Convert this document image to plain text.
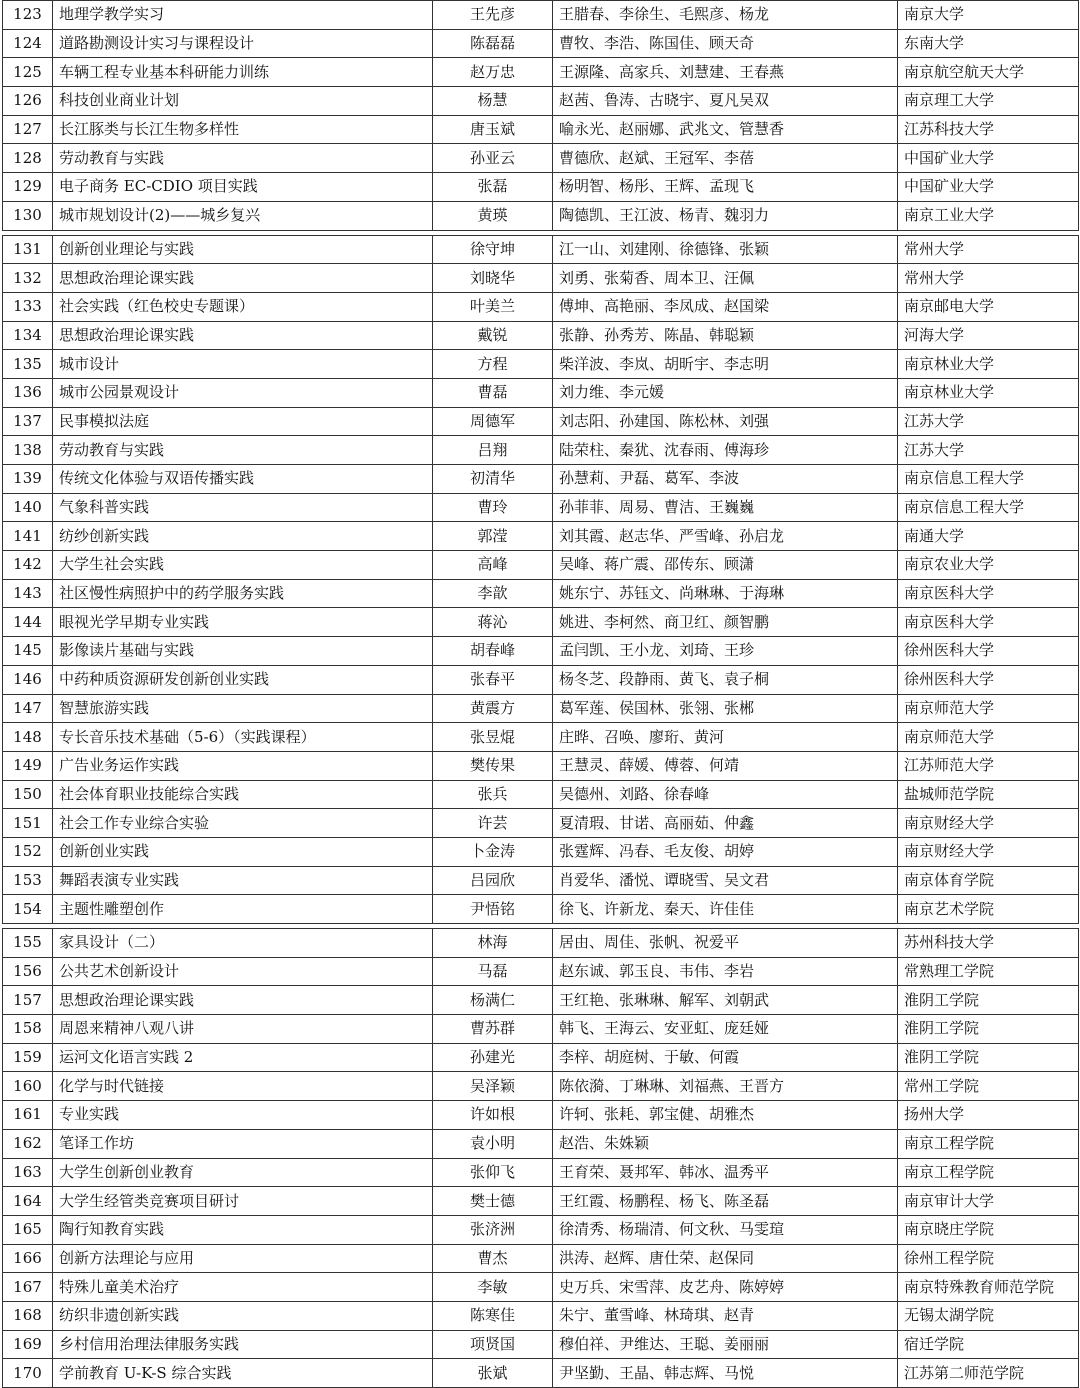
123	地理学教学实习	王先彦	王腊春、李徐生、毛熙彦、杨龙	南京大学
124	道路勘测设计实习与课程设计	陈磊磊	曹牧、李浩、陈国佳、顾天奇	东南大学
125	车辆工程专业基本科研能力训练	赵万忠	王源隆、高家兵、刘慧建、王春燕	南京航空航天大学
126	科技创业商业计划	杨慧	赵茜、鲁涛、古晓宇、夏凡吴双	南京理工大学
127	长江豚类与长江生物多样性	唐玉斌	喻永光、赵丽娜、武兆文、管慧香	江苏科技大学
128	劳动教育与实践	孙亚云	曹德欣、赵斌、王冠军、李蓓	中国矿业大学
129	电子商务 EC-CDIO 项目实践	张磊	杨明智、杨彤、王辉、孟现飞	中国矿业大学
130	城市规划设计(2)——城乡复兴	黄瑛	陶德凯、王江波、杨青、魏羽力	南京工业大学
131	创新创业理论与实践	徐守坤	江一山、刘建刚、徐德锋、张颖	常州大学
132	思想政治理论课实践	刘晓华	刘勇、张菊香、周本卫、汪佩	常州大学
133	社会实践（红色校史专题课）	叶美兰	傅坤、高艳丽、李凤成、赵国梁	南京邮电大学
134	思想政治理论课实践	戴锐	张静、孙秀芳、陈晶、韩聪颖	河海大学
135	城市设计	方程	柴洋波、李岚、胡昕宇、李志明	南京林业大学
136	城市公园景观设计	曹磊	刘力维、李元媛	南京林业大学
137	民事模拟法庭	周德军	刘志阳、孙建国、陈松林、刘强	江苏大学
138	劳动教育与实践	吕翔	陆荣柱、秦犹、沈春雨、傅海珍	江苏大学
139	传统文化体验与双语传播实践	初清华	孙慧莉、尹磊、葛军、李波	南京信息工程大学
140	气象科普实践	曹玲	孙菲菲、周易、曹洁、王巍巍	南京信息工程大学
141	纺纱创新实践	郭滢	刘其霞、赵志华、严雪峰、孙启龙	南通大学
142	大学生社会实践	高峰	吴峰、蒋广震、邵传东、顾潇	南京农业大学
143	社区慢性病照护中的药学服务实践	李歆	姚东宁、苏钰文、尚琳琳、于海琳	南京医科大学
144	眼视光学早期专业实践	蒋沁	姚进、李柯然、商卫红、颜智鹏	南京医科大学
145	影像读片基础与实践	胡春峰	孟闫凯、王小龙、刘琦、王珍	徐州医科大学
146	中药种质资源研发创新创业实践	张春平	杨冬芝、段静雨、黄飞、袁子桐	徐州医科大学
147	智慧旅游实践	黄震方	葛军莲、侯国林、张翎、张郴	南京师范大学
148	专长音乐技术基础（5-6）（实践课程）	张昱焜	庄晔、召唤、廖珩、黄河	南京师范大学
149	广告业务运作实践	樊传果	王慧灵、薛媛、傅蓉、何靖	江苏师范大学
150	社会体育职业技能综合实践	张兵	吴德州、刘路、徐春峰	盐城师范学院
151	社会工作专业综合实验	许芸	夏清瑕、甘诺、高丽茹、仲鑫	南京财经大学
152	创新创业实践	卜金涛	张霆辉、冯春、毛友俊、胡婷	南京财经大学
153	舞蹈表演专业实践	吕园欣	肖爱华、潘悦、谭晓雪、吴文君	南京体育学院
154	主题性雕塑创作	尹悟铭	徐飞、许新龙、秦天、许佳佳	南京艺术学院
155	家具设计（二）	林海	居由、周佳、张帆、祝爱平	苏州科技大学
156	公共艺术创新设计	马磊	赵东诚、郭玉良、韦伟、李岩	常熟理工学院
157	思想政治理论课实践	杨满仁	王红艳、张琳琳、解军、刘朝武	淮阴工学院
158	周恩来精神八观八讲	曹苏群	韩飞、王海云、安亚虹、庞廷娅	淮阴工学院
159	运河文化语言实践 2	孙建光	李梓、胡庭树、于敏、何霞	淮阴工学院
160	化学与时代链接	吴泽颖	陈依漪、丁琳琳、刘福燕、王晋方	常州工学院
161	专业实践	许如根	许轲、张耗、郭宝健、胡雅杰	扬州大学
162	笔译工作坊	袁小明	赵浩、朱姝颖	南京工程学院
163	大学生创新创业教育	张仰飞	王育荣、聂邦军、韩冰、温秀平	南京工程学院
164	大学生经管类竞赛项目研讨	樊士德	王红霞、杨鹏程、杨飞、陈圣磊	南京审计大学
165	陶行知教育实践	张济洲	徐清秀、杨瑞清、何文秋、马雯瑄	南京晓庄学院
166	创新方法理论与应用	曹杰	洪涛、赵辉、唐仕荣、赵保同	徐州工程学院
167	特殊儿童美术治疗	李敏	史万兵、宋雪萍、皮艺舟、陈婷婷	南京特殊教育师范学院
168	纺织非遗创新实践	陈寒佳	朱宁、董雪峰、林琦琪、赵青	无锡太湖学院
169	乡村信用治理法律服务实践	项贤国	穆伯祥、尹维达、王聪、姜丽丽	宿迁学院
170	学前教育 U-K-S 综合实践	张斌	尹坚勤、王晶、韩志辉、马悦	江苏第二师范学院
